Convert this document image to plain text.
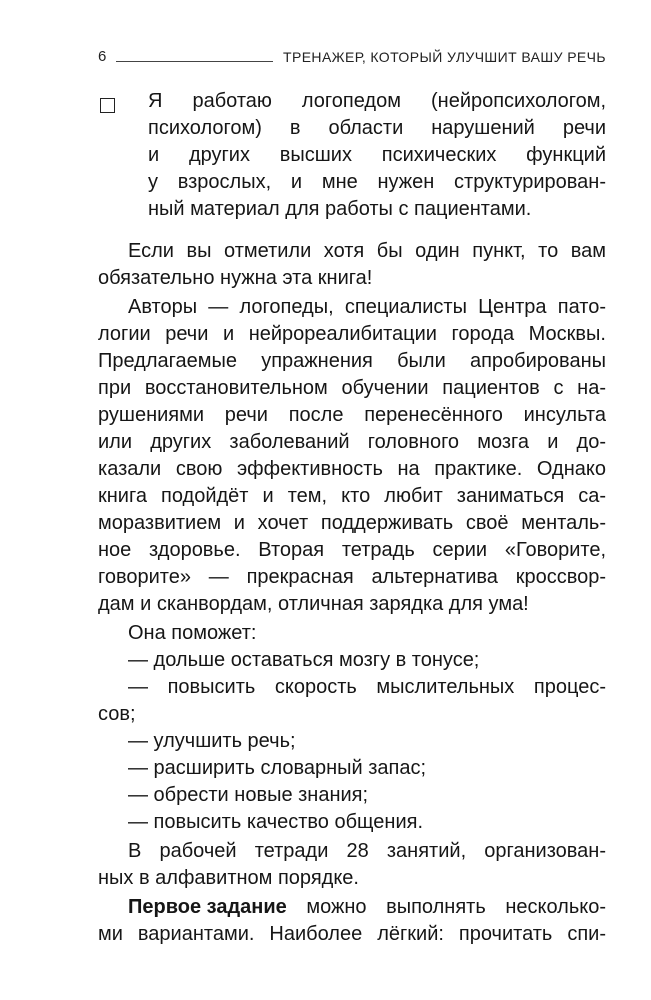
6	ТРЕНАЖЕР, КОТОРЫЙ УЛУЧШИТ ВАШУ РЕЧЬ
Я работаю логопедом (нейропсихологом,
психологом) в области нарушений речи
и других высших психических функций
у взрослых, и мне нужен структурирован-
ный материал для работы с пациентами.
Если вы отметили хотя бы один пункт, то вам
обязательно нужна эта книга!
Авторы — логопеды, специалисты Центра пато-
логии речи и нейрореалибитации города Москвы.
Предлагаемые упражнения были апробированы
при восстановительном обучении пациентов с на-
рушениями речи после перенесённого инсульта
или других заболеваний головного мозга и до-
казали свою эффективность на практике. Однако
книга подойдёт и тем, кто любит заниматься са-
моразвитием и хочет поддерживать своё менталь-
ное здоровье. Вторая тетрадь серии «Говорите,
говорите» — прекрасная альтернатива кроссвор-
дам и сканвордам, отличная зарядка для ума!
Она поможет:
— дольше оставаться мозгу в тонусе;
— повысить скорость мыслительных процес-
сов;
— улучшить речь;
— расширить словарный запас;
— обрести новые знания;
— повысить качество общения.
В рабочей тетради 28 занятий, организован-
ных в алфавитном порядке.
Первое задание можно выполнять несколько-
ми вариантами. Наиболее лёгкий: прочитать спи-
